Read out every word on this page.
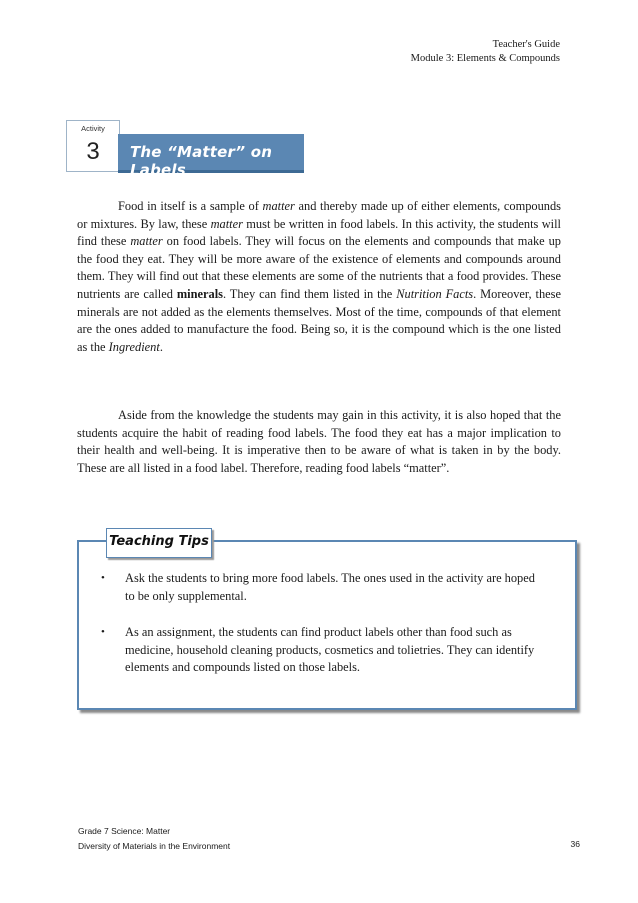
Teacher's Guide
Module 3: Elements & Compounds
Activity
3	The “Matter” on Labels

Food in itself is a sample of matter and thereby made up of either elements, compounds or mixtures. By law, these matter must be written in food labels. In this activity, the students will find these matter on food labels. They will focus on the elements and compounds that make up the food they eat. They will be more aware of the existence of elements and compounds around them. They will find out that these elements are some of the nutrients that a food provides. These nutrients are called minerals. They can find them listed in the Nutrition Facts. Moreover, these minerals are not added as the elements themselves. Most of the time, compounds of that element are the ones added to manufacture the food. Being so, it is the compound which is the one listed as the Ingredient.

Aside from the knowledge the students may gain in this activity, it is also hoped that the students acquire the habit of reading food labels. The food they eat has a major implication to their health and well-being. It is imperative then to be aware of what is taken in by the body. These are all listed in a food label. Therefore, reading food labels “matter”.

Teaching Tips
• Ask the students to bring more food labels. The ones used in the activity are hoped to be only supplemental.
• As an assignment, the students can find product labels other than food such as medicine, household cleaning products, cosmetics and tolietries. They can identify elements and compounds listed on those labels.
Grade 7 Science: Matter
Diversity of Materials in the Environment	36
